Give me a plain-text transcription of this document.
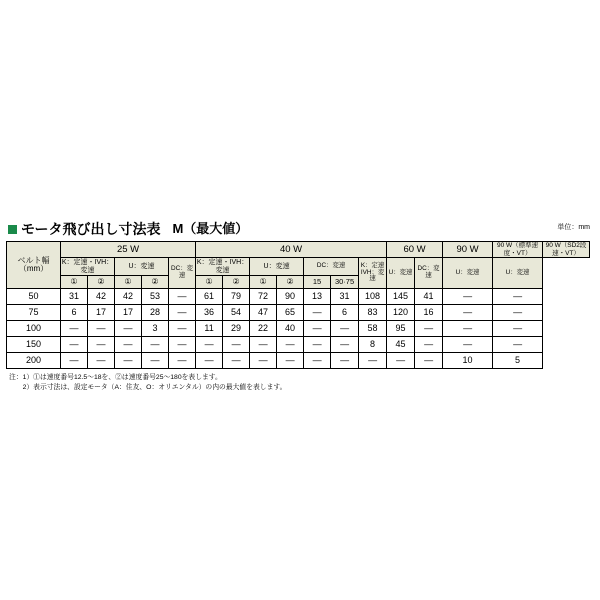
モータ飛び出し寸法表 M（最大値）	単位：mm
ベルト幅
（mm）	25 W					40 W							60 W		90 W	90 W（標準速度・VT）	90 W（SD2段速・VT）
	K：定速・IVH：変速		U：変速		DC：変速	K：定速・IVH：変速		U：変速		DC：変速		K：定速 IVH：変速	U：変速	DC：変速	U：変速	U：変速	
	①	②	①	②		①	②	①	②	15	30·75						
50	31	42	42	53	—	61	79	72	90	13	31	108	145	41	—	—	
75	6	17	17	28	—	36	54	47	65	—	6	83	120	16	—	—	
100	—	—	—	3	—	11	29	22	40	—	—	58	95	—	—	—	
150	—	—	—	—	—	—	—	—	—	—	—	8	45	—	—	—	
200	—	—	—	—	—	—	—	—	—	—	—	—	—	—	10	5	
注：1）①は速度番号12.5〜18を、②は速度番号25〜180を表します。
　　2）表示寸法は、設定モータ（A：住友、O：オリエンタル）の内の最大値を表します。
